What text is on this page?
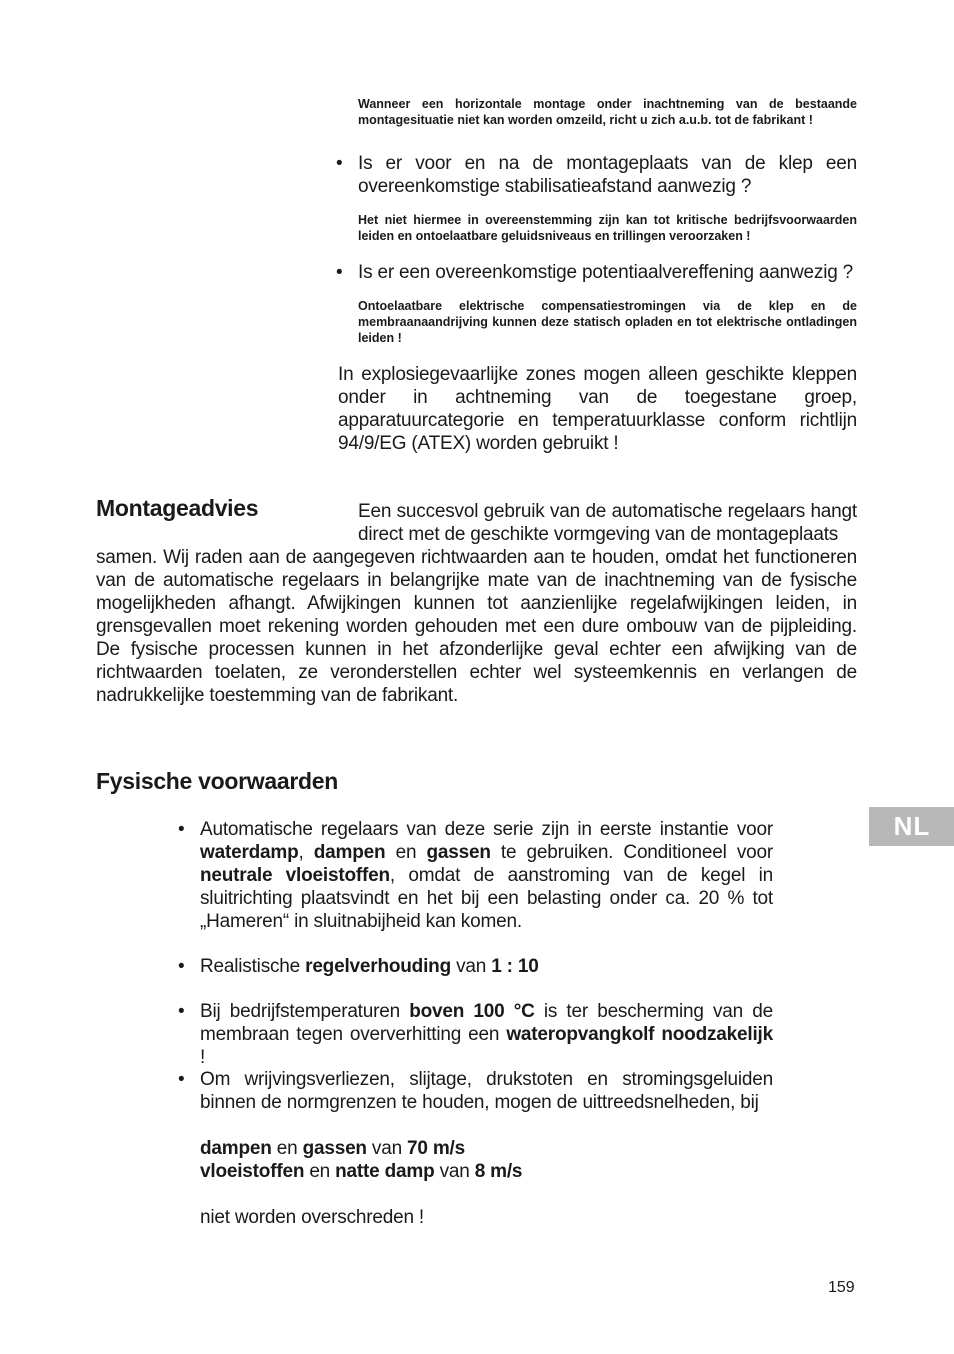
Wanneer een horizontale montage onder inachtneming van de bestaande montagesituatie niet kan worden omzeild, richt u zich a.u.b. tot de fabrikant !
• Is er voor en na de montageplaats van de klep een overeenkomstige stabilisatieafstand aanwezig ?
Het niet hiermee in overeenstemming zijn kan tot kritische bedrijfsvoorwaarden leiden en ontoelaatbare geluidsniveaus en trillingen veroorzaken !
• Is er een overeenkomstige potentiaalvereffening aanwezig ?
Ontoelaatbare elektrische compensatiestromingen via de klep en de membraanaandrijving kunnen deze statisch opladen en tot elektrische ontladingen leiden !
In explosiegevaarlijke zones mogen alleen geschikte kleppen onder in achtneming van de toegestane groep, apparatuurcategorie en temperatuurklasse conform richtlijn 94/9/EG (ATEX) worden gebruikt !
Montageadvies	Een succesvol gebruik van de automatische regelaars hangt direct met de geschikte vormgeving van de montageplaats
samen. Wij raden aan de aangegeven richtwaarden aan te houden, omdat het functioneren van de automatische regelaars in belangrijke mate van de inachtneming van de fysische mogelijkheden afhangt. Afwijkingen kunnen tot aanzienlijke regelafwijkingen leiden, in grensgevallen moet rekening worden gehouden met een dure ombouw van de pijpleiding. De fysische processen kunnen in het afzonderlijke geval echter een afwijking van de richtwaarden toelaten, ze veronderstellen echter wel systeemkennis en verlangen de nadrukkelijke toestemming van de fabrikant.
Fysische voorwaarden
NL
• Automatische regelaars van deze serie zijn in eerste instantie voor waterdamp, dampen en gassen te gebruiken. Conditioneel voor neutrale vloeistoffen, omdat de aanstroming van de kegel in sluitrichting plaatsvindt en het bij een belasting onder ca. 20 % tot „Hameren“ in sluitnabijheid kan komen.
• Realistische regelverhouding van 1 : 10
• Bij bedrijfstemperaturen boven 100 °C is ter bescherming van de membraan tegen oververhitting een wateropvangkolf noodzakelijk !
• Om wrijvingsverliezen, slijtage, drukstoten en stromingsgeluiden binnen de normgrenzen te houden, mogen de uittreedsnelheden, bij
dampen en gassen van 70 m/s
vloeistoffen en natte damp van 8 m/s
niet worden overschreden !
159
